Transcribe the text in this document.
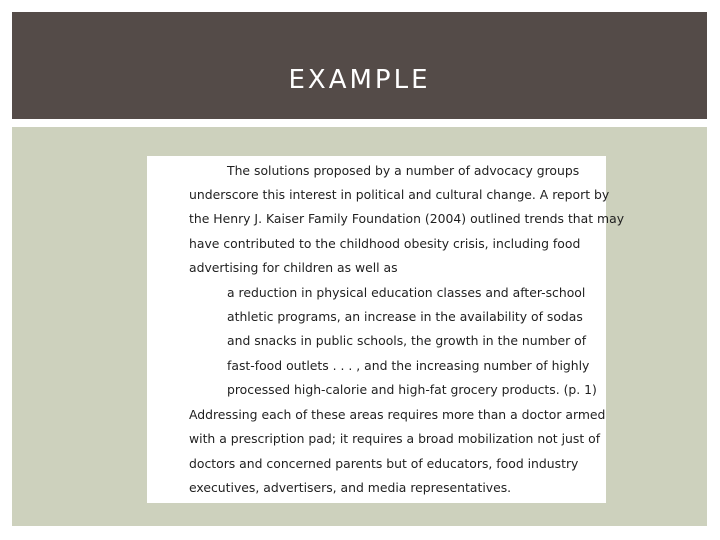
EXAMPLE
The solutions proposed by a number of advocacy groups
underscore this interest in political and cultural change. A report by
the Henry J. Kaiser Family Foundation (2004) outlined trends that may
have contributed to the childhood obesity crisis, including food
advertising for children as well as
a reduction in physical education classes and after-school
athletic programs, an increase in the availability of sodas
and snacks in public schools, the growth in the number of
fast-food outlets . . . , and the increasing number of highly
processed high-calorie and high-fat grocery products. (p. 1)
Addressing each of these areas requires more than a doctor armed
with a prescription pad; it requires a broad mobilization not just of
doctors and concerned parents but of educators, food industry
executives, advertisers, and media representatives.
